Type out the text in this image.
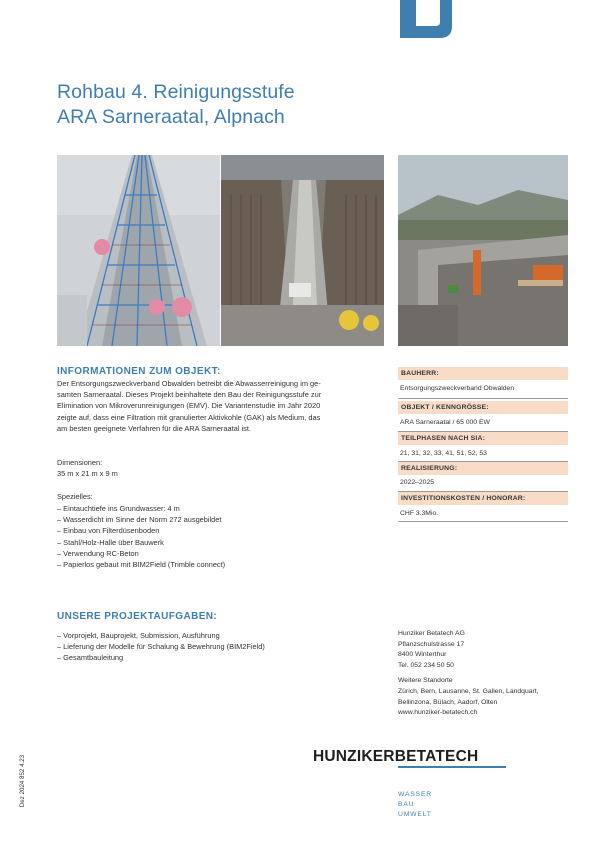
Rohbau 4. Reinigungsstufe
ARA Sarneraatal, Alpnach
INFORMATIONEN ZUM OBJEKT:
Der Entsorgungszweckverband Obwalden betreibt die Abwasserreinigung im ge-
samten Sarneraatal. Dieses Projekt beinhaltete den Bau der Reinigungsstufe zur
Elimination von Mikroverunreinigungen (EMV). Die Variantenstudie im Jahr 2020
zeigte auf, dass eine Filtration mit granulierter Aktivkohle (GAK) als Medium, das
am besten geeignete Verfahren für die ARA Sarneraatal ist.
Dimensionen:
35 m x 21 m x 9 m
Spezielles:
– Eintauchtiefe ins Grundwasser: 4 m
– Wasserdicht im Sinne der Norm 272 ausgebildet
– Einbau von Filterdüsenboden
– Stahl/Holz-Halle über Bauwerk
– Verwendung RC-Beton
– Papierlos gebaut mit BIM2Field (Trimble connect)
UNSERE PROJEKTAUFGABEN:
– Vorprojekt, Bauprojekt, Submission, Ausführung
– Lieferung der Modelle für Schalung & Bewehrung (BIM2Field)
– Gesamtbauleitung
BAUHERR:
Entsorgungszweckverband Obwalden
OBJEKT / KENNGRÖSSE:
ARA Sarneraatal / 65 000 EW
TEILPHASEN NACH SIA:
21, 31, 32, 33, 41, 51, 52, 53
REALISIERUNG:
2022–2025
INVESTITIONSKOSTEN / HONORAR:
CHF 3.3Mio.
Hunziker Betatech AG
Pflanzschulstrasse 17
8400 Winterthur
Tel. 052 234 50 50
Weitere Standorte
Zürich, Bern, Lausanne, St. Gallen, Landquart,
Bellinzona, Bülach, Aadorf, Olten
www.hunziker-betatech.ch
HUNZIKERBETATECH
WASSER
BAU
UMWELT
Dez 2024 852 4.23
